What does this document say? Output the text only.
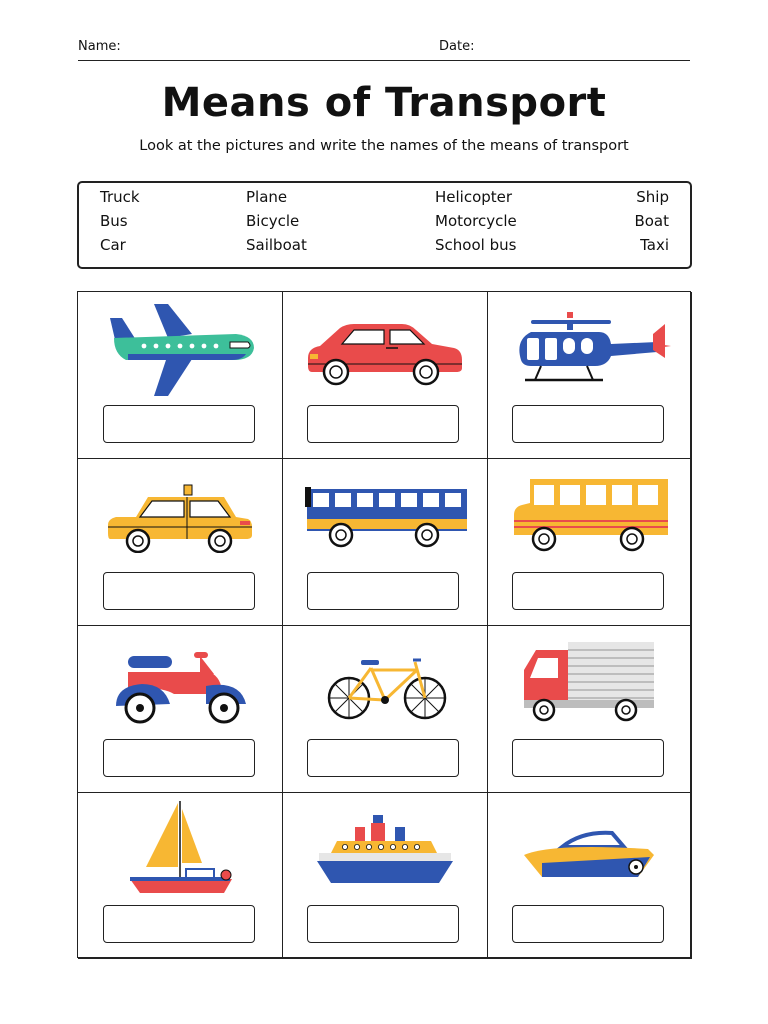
Name:	Date:
Means of Transport
Look at the pictures and write the names of the means of transport
Truck
Bus
Car
Plane
Bicycle
Sailboat
Helicopter
Motorcycle
School bus
Ship
Boat
Taxi
